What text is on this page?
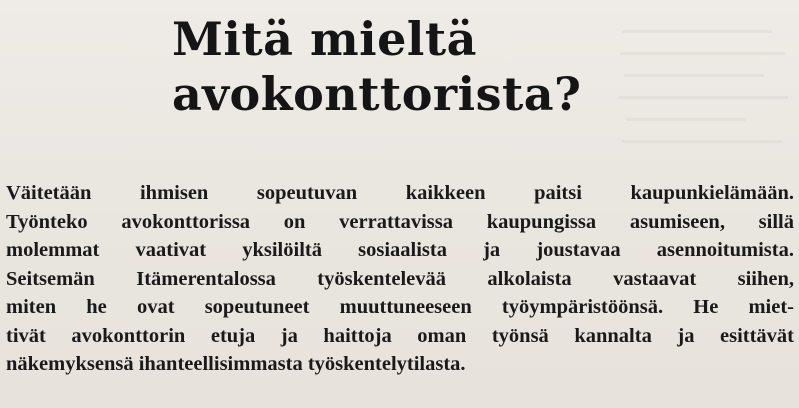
Mitä mieltä
avokonttorista?
Väitetään ihmisen sopeutuvan kaikkeen paitsi kaupunkielämään.
Työnteko avokonttorissa on verrattavissa kaupungissa asumiseen, sillä
molemmat vaativat yksilöiltä sosiaalista ja joustavaa asennoitumista.
Seitsemän Itämerentalossa työskentelevää alkolaista vastaavat siihen,
miten he ovat sopeutuneet muuttuneeseen työympäristöönsä. He miet-
tivät avokonttorin etuja ja haittoja oman työnsä kannalta ja esittävät
näkemyksensä ihanteellisimmasta työskentelytilasta.
